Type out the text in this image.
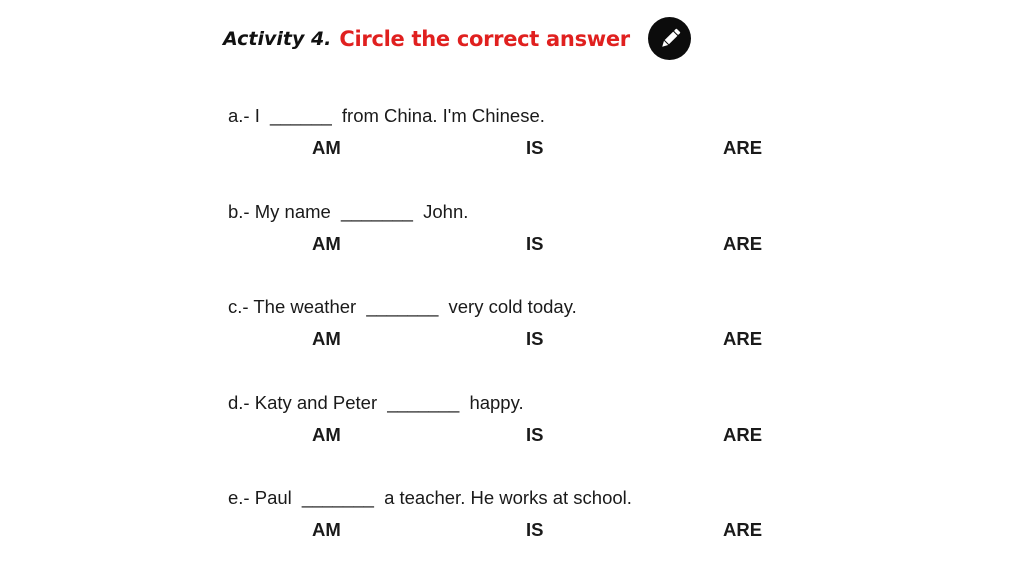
Activity 4. Circle the correct answer
a.- I ______ from China. I'm Chinese.
AM	IS	ARE
b.- My name _______ John.
AM	IS	ARE
c.- The weather _______ very cold today.
AM	IS	ARE
d.- Katy and Peter _______ happy.
AM	IS	ARE
e.- Paul _______ a teacher. He works at school.
AM	IS	ARE
